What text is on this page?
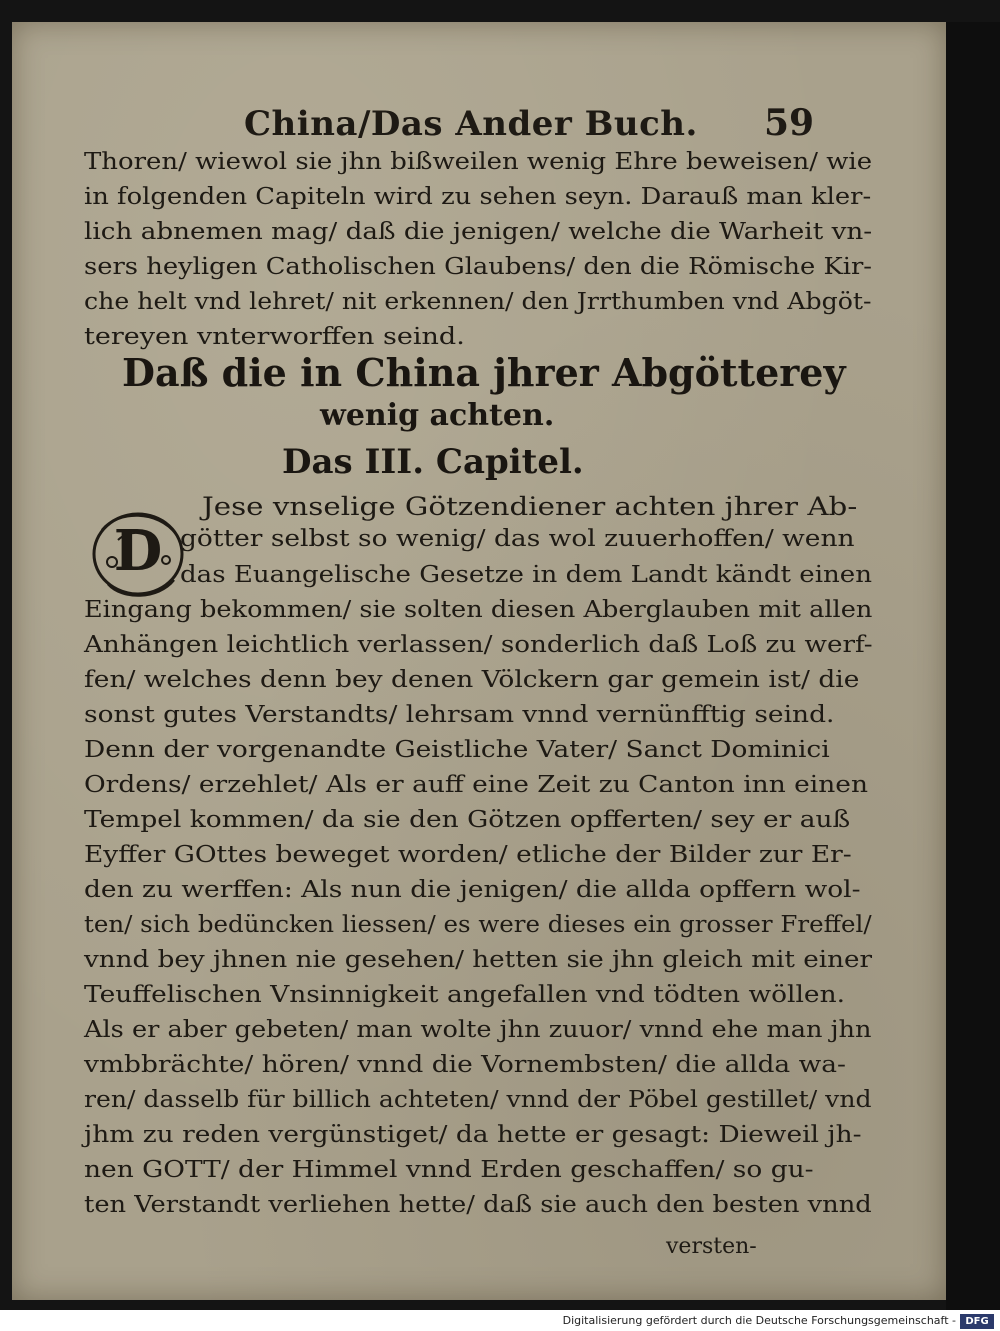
China/Das Ander Buch. 59
Thoren/ wiewol sie jhn bißweilen wenig Ehre beweisen/ wie
in folgenden Capiteln wird zu sehen seyn. Darauß man kler-
lich abnemen mag/ daß die jenigen/ welche die Warheit vn-
sers heyligen Catholischen Glaubens/ den die Römische Kir-
che helt vnd lehret/ nit erkennen/ den Jrrthumben vnd Abgöt-
tereyen vnterworffen seind.
Daß die in China jhrer Abgötterey
wenig achten.
Das III. Capitel.
D
Jese vnselige Götzendiener achten jhrer Ab-
götter selbst so wenig/ das wol zuuerhoffen/ wenn
das Euangelische Gesetze in dem Landt kändt einen
Eingang bekommen/ sie solten diesen Aberglauben mit allen
Anhängen leichtlich verlassen/ sonderlich daß Loß zu werf-
fen/ welches denn bey denen Völckern gar gemein ist/ die
sonst gutes Verstandts/ lehrsam vnnd vernünfftig seind.
Denn der vorgenandte Geistliche Vater/ Sanct Dominici
Ordens/ erzehlet/ Als er auff eine Zeit zu Canton inn einen
Tempel kommen/ da sie den Götzen opfferten/ sey er auß
Eyffer GOttes beweget worden/ etliche der Bilder zur Er-
den zu werffen: Als nun die jenigen/ die allda opffern wol-
ten/ sich bedüncken liessen/ es were dieses ein grosser Freffel/
vnnd bey jhnen nie gesehen/ hetten sie jhn gleich mit einer
Teuffelischen Vnsinnigkeit angefallen vnd tödten wöllen.
Als er aber gebeten/ man wolte jhn zuuor/ vnnd ehe man jhn
vmbbrächte/ hören/ vnnd die Vornembsten/ die allda wa-
ren/ dasselb für billich achteten/ vnnd der Pöbel gestillet/ vnd
jhm zu reden vergünstiget/ da hette er gesagt: Dieweil jh-
nen GOTT/ der Himmel vnnd Erden geschaffen/ so gu-
ten Verstandt verliehen hette/ daß sie auch den besten vnnd
versten-
Digitalisierung gefördert durch die Deutsche Forschungsgemeinschaft - DFG
